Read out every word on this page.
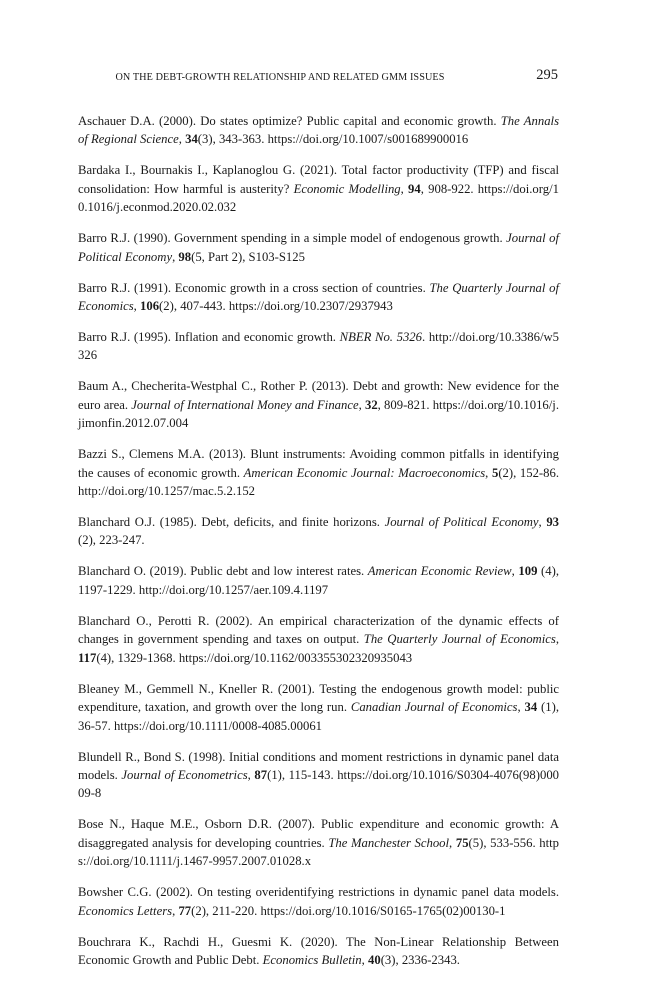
ON THE DEBT-GROWTH RELATIONSHIP AND RELATED GMM ISSUES	295
Aschauer D.A. (2000). Do states optimize? Public capital and economic growth. The Annals of Regional Science, 34(3), 343-363. https://doi.org/10.1007/s001689900016
Bardaka I., Bournakis I., Kaplanoglou G. (2021). Total factor productivity (TFP) and fiscal consolidation: How harmful is austerity? Economic Modelling, 94, 908-922. https://doi.org/10.1016/j.econmod.2020.02.032
Barro R.J. (1990). Government spending in a simple model of endogenous growth. Journal of Political Economy, 98(5, Part 2), S103-S125
Barro R.J. (1991). Economic growth in a cross section of countries. The Quarterly Journal of Economics, 106(2), 407-443. https://doi.org/10.2307/2937943
Barro R.J. (1995). Inflation and economic growth. NBER No. 5326. http://doi.org/10.3386/w5326
Baum A., Checherita-Westphal C., Rother P. (2013). Debt and growth: New evidence for the euro area. Journal of International Money and Finance, 32, 809-821. https://doi.org/10.1016/j.jimonfin.2012.07.004
Bazzi S., Clemens M.A. (2013). Blunt instruments: Avoiding common pitfalls in identifying the causes of economic growth. American Economic Journal: Macroeconomics, 5(2), 152-86. http://doi.org/10.1257/mac.5.2.152
Blanchard O.J. (1985). Debt, deficits, and finite horizons. Journal of Political Economy, 93 (2), 223-247.
Blanchard O. (2019). Public debt and low interest rates. American Economic Review, 109 (4), 1197-1229. http://doi.org/10.1257/aer.109.4.1197
Blanchard O., Perotti R. (2002). An empirical characterization of the dynamic effects of changes in government spending and taxes on output. The Quarterly Journal of Economics, 117(4), 1329-1368. https://doi.org/10.1162/003355302320935043
Bleaney M., Gemmell N., Kneller R. (2001). Testing the endogenous growth model: public expenditure, taxation, and growth over the long run. Canadian Journal of Economics, 34 (1), 36-57. https://doi.org/10.1111/0008-4085.00061
Blundell R., Bond S. (1998). Initial conditions and moment restrictions in dynamic panel data models. Journal of Econometrics, 87(1), 115-143. https://doi.org/10.1016/S0304-4076(98)00009-8
Bose N., Haque M.E., Osborn D.R. (2007). Public expenditure and economic growth: A disaggregated analysis for developing countries. The Manchester School, 75(5), 533-556. https://doi.org/10.1111/j.1467-9957.2007.01028.x
Bowsher C.G. (2002). On testing overidentifying restrictions in dynamic panel data models. Economics Letters, 77(2), 211-220. https://doi.org/10.1016/S0165-1765(02)00130-1
Bouchrara K., Rachdi H., Guesmi K. (2020). The Non-Linear Relationship Between Economic Growth and Public Debt. Economics Bulletin, 40(3), 2336-2343.
